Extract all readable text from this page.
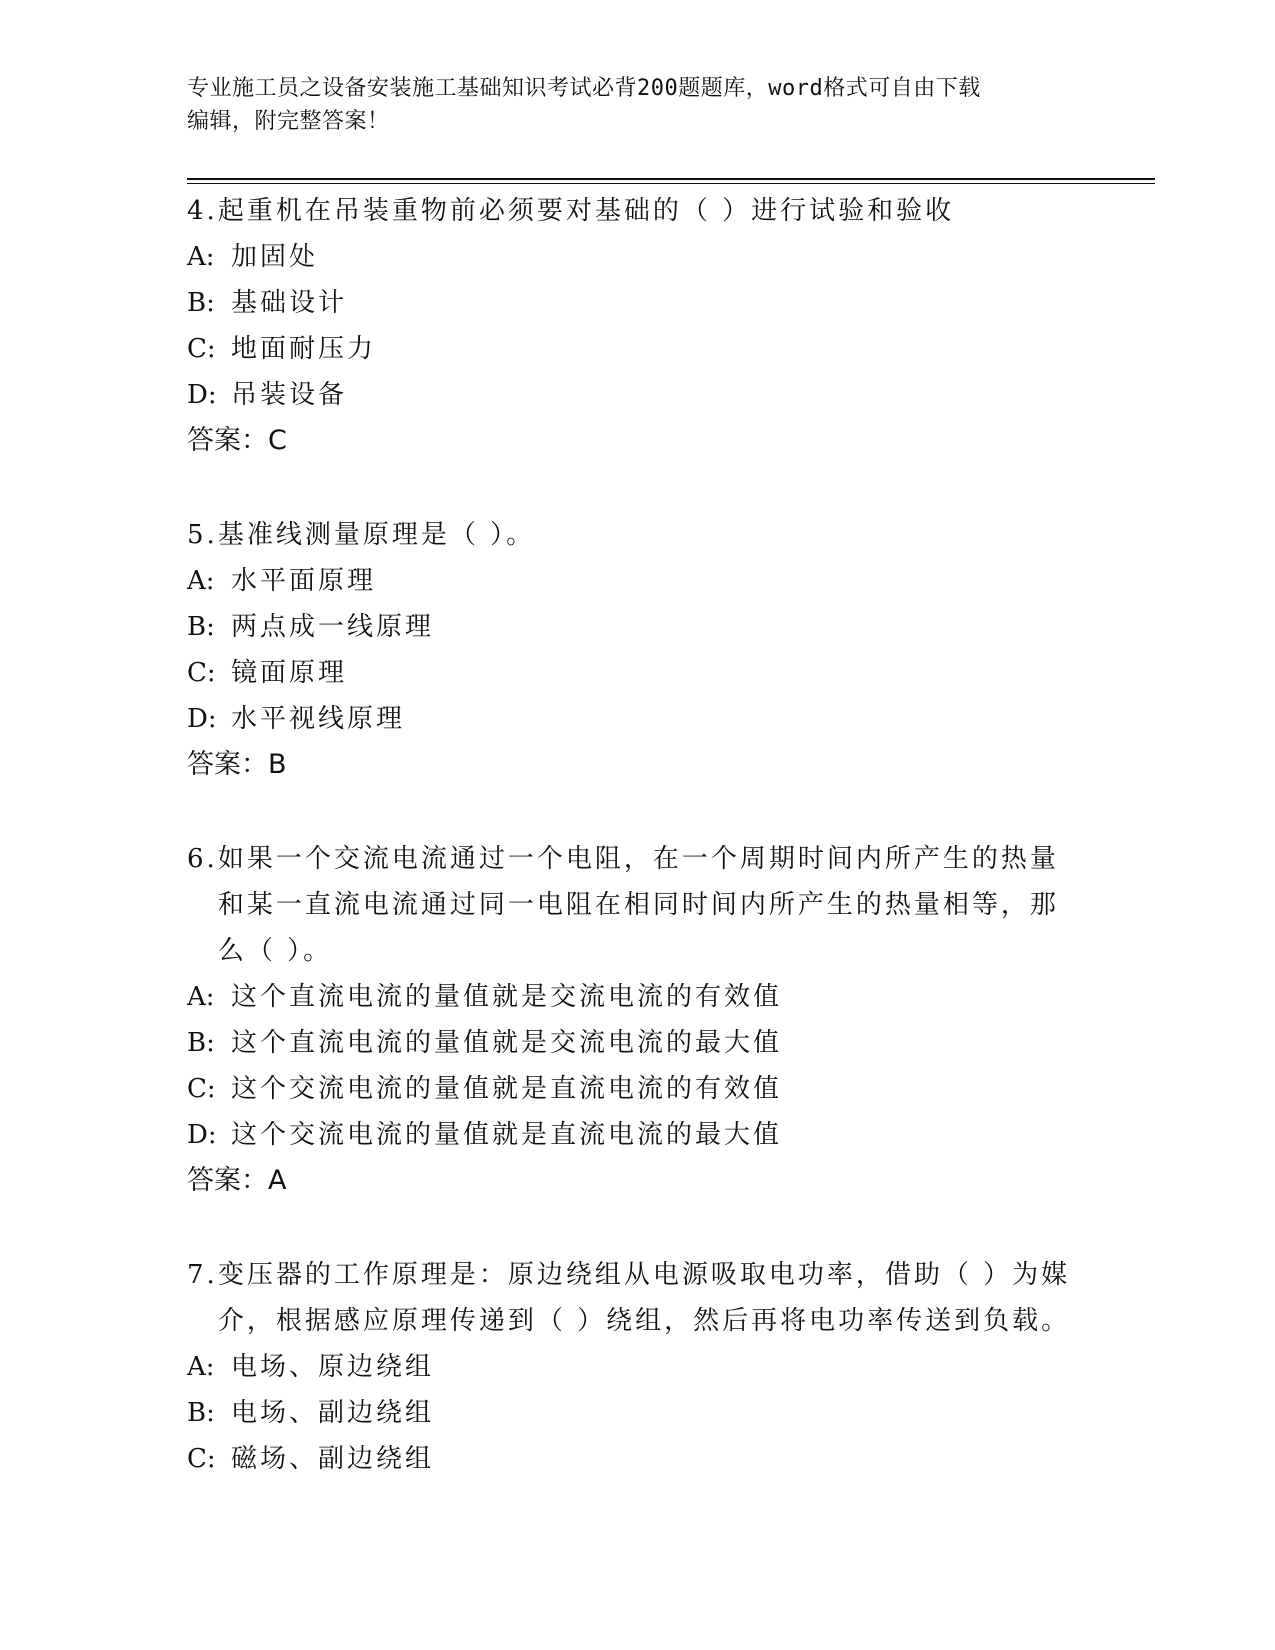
专业施工员之设备安装施工基础知识考试必背200题题库，word格式可自由下载
编辑，附完整答案！
4. 起重机在吊装重物前必须要对基础的（ ）进行试验和验收
A: 加固处
B: 基础设计
C: 地面耐压力
D: 吊装设备
答案：C
5. 基准线测量原理是（ ）。
A: 水平面原理
B: 两点成一线原理
C: 镜面原理
D: 水平视线原理
答案：B
6. 如果一个交流电流通过一个电阻，在一个周期时间内所产生的热量和某一直流电流通过同一电阻在相同时间内所产生的热量相等，那么（ ）。
A: 这个直流电流的量值就是交流电流的有效值
B: 这个直流电流的量值就是交流电流的最大值
C: 这个交流电流的量值就是直流电流的有效值
D: 这个交流电流的量值就是直流电流的最大值
答案：A
7. 变压器的工作原理是：原边绕组从电源吸取电功率，借助（ ）为媒介，根据感应原理传递到（ ）绕组，然后再将电功率传送到负载。
A: 电场、原边绕组
B: 电场、副边绕组
C: 磁场、副边绕组
